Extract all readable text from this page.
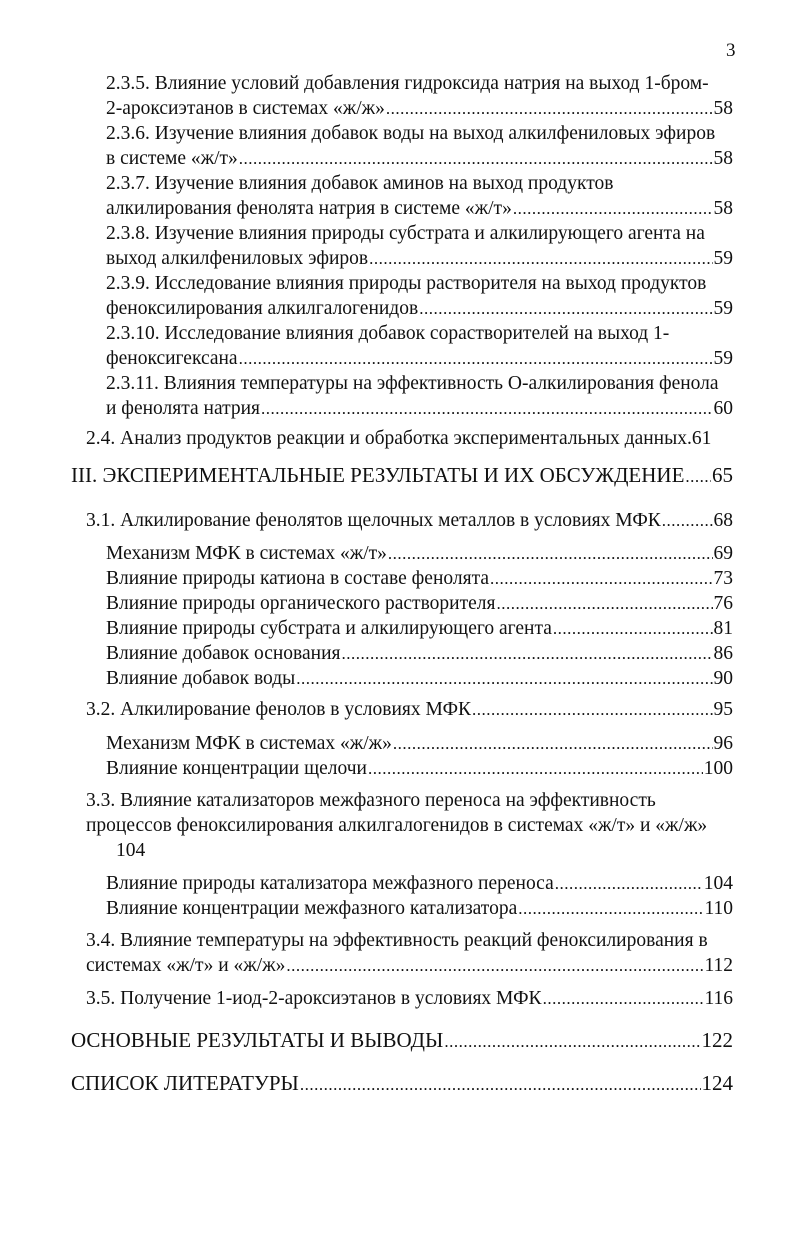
3
2.3.5. Влияние условий добавления гидроксида натрия на выход 1-бром-
2-ароксиэтанов в системах «ж/ж» .....	58
2.3.6. Изучение влияния добавок воды на выход алкилфениловых эфиров
в системе «ж/т» .....	58
2.3.7. Изучение влияния добавок аминов на выход продуктов
алкилирования фенолята натрия в системе «ж/т» .....	58
2.3.8. Изучение влияния природы субстрата и алкилирующего агента на
выход алкилфениловых эфиров .....	59
2.3.9. Исследование влияния природы растворителя на выход продуктов
феноксилирования алкилгалогенидов .....	59
2.3.10. Исследование влияния добавок сорастворителей на выход 1-
феноксигексана .....	59
2.3.11. Влияния температуры на эффективность О-алкилирования фенола
и фенолята натрия .....	60
2.4. Анализ продуктов реакции и обработка экспериментальных данных. 61
III. ЭКСПЕРИМЕНТАЛЬНЫЕ РЕЗУЛЬТАТЫ И ИХ ОБСУЖДЕНИЕ ..... 65
3.1. Алкилирование фенолятов щелочных металлов в условиях МФК .....	68
Механизм МФК в системах «ж/т» .....	69
Влияние природы катиона в составе фенолята .....	73
Влияние природы органического растворителя .....	76
Влияние природы субстрата и алкилирующего агента .....	81
Влияние добавок основания .....	86
Влияние добавок воды .....	90
3.2. Алкилирование фенолов в условиях МФК .....	95
Механизм МФК в системах «ж/ж» .....	96
Влияние концентрации щелочи .....	100
3.3. Влияние катализаторов межфазного переноса на эффективность
процессов феноксилирования алкилгалогенидов в системах «ж/т» и «ж/ж»
104
Влияние природы катализатора межфазного переноса .....	104
Влияние концентрации межфазного катализатора .....	110
3.4. Влияние температуры на эффективность реакций феноксилирования в
системах «ж/т» и «ж/ж» .....	112
3.5. Получение 1-иод-2-ароксиэтанов в условиях МФК .....	116
ОСНОВНЫЕ РЕЗУЛЬТАТЫ И ВЫВОДЫ .....	122
СПИСОК ЛИТЕРАТУРЫ .....	124
